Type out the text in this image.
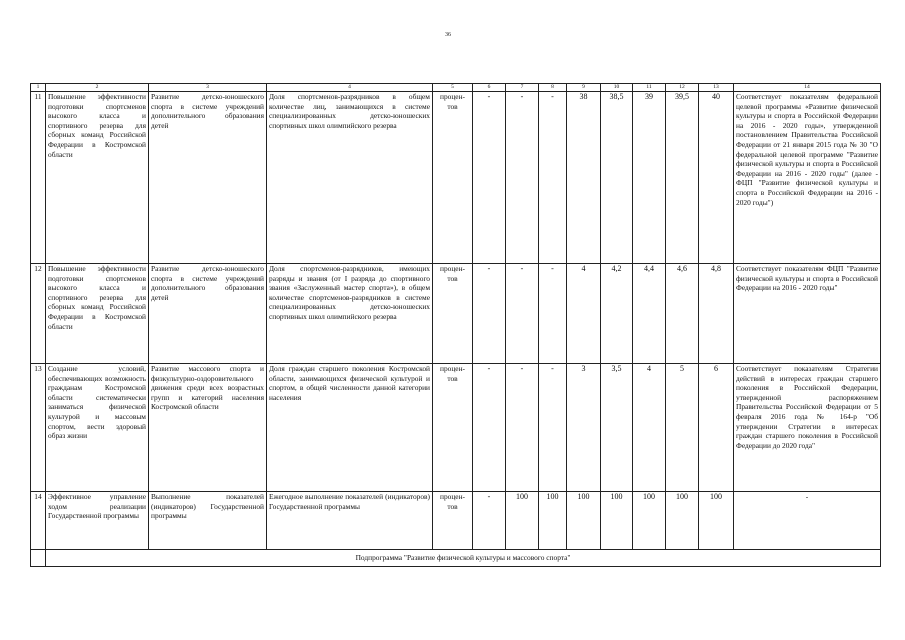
36
1	2	3	4	5	6	7	8	9	10	11	12	13	14
11	Повышение эффективности подготовки спортсменов высокого класса и спортивного резерва для сборных команд Российской Федерации в Костромской области	Развитие детско-юношеского спорта в системе учреждений дополнительного образования детей	Доля спортсменов-разрядников в общем количестве лиц, занимающихся в системе специализированных детско-юношеских спортивных школ олимпийского резерва	процен-тов	-	-	-	38	38,5	39	39,5	40	Соответствует показателям федеральной целевой программы «Развитие физической культуры и спорта в Российской Федерации на 2016 - 2020 годы», утвержденной постановлением Правительства Российской Федерации от 21 января 2015 года № 30 "О федеральной целевой программе "Развитие физической культуры и спорта в Российской Федерации на 2016 - 2020 годы" (далее - ФЦП "Развитие физической культуры и спорта в Российской Федерации на 2016 - 2020 годы")
12	Повышение эффективности подготовки спортсменов высокого класса и спортивного резерва для сборных команд Российской Федерации в Костромской области	Развитие детско-юношеского спорта в системе учреждений дополнительного образования детей	Доля спортсменов-разрядников, имеющих разряды и звания (от I разряда до спортивного звания «Заслуженный мастер спорта»), в общем количестве спортсменов-разрядников в системе специализированных детско-юношеских спортивных школ олимпийского резерва	процен-тов	-	-	-	4	4,2	4,4	4,6	4,8	Соответствует показателям ФЦП "Развитие физической культуры и спорта в Российской Федерации на 2016 - 2020 годы"
13	Создание условий, обеспечивающих возможность гражданам Костромской области систематически заниматься физической культурой и массовым спортом, вести здоровый образ жизни	Развитие массового спорта и физкультурно-оздоровительного движения среди всех возрастных групп и категорий населения Костромской области	Доля граждан старшего поколения Костромской области, занимающихся физической культурой и спортом, в общей численности данной категории населения	процен-тов	-	-	-	3	3,5	4	5	6	Соответствует показателям Стратегии действий в интересах граждан старшего поколения в Российской Федерации, утвержденной распоряжением Правительства Российской Федерации от 5 февраля 2016 года № 164-р "Об утверждении Стратегии в интересах граждан старшего поколения в Российской Федерации до 2020 года"
14	Эффективное управление ходом реализации Государственной программы	Выполнение показателей (индикаторов) Государственной программы	Ежегодное выполнение показателей (индикаторов) Государственной программы	процен-тов	-	100	100	100	100	100	100	100	-
	Подпрограмма "Развитие физической культуры и массового спорта"												
